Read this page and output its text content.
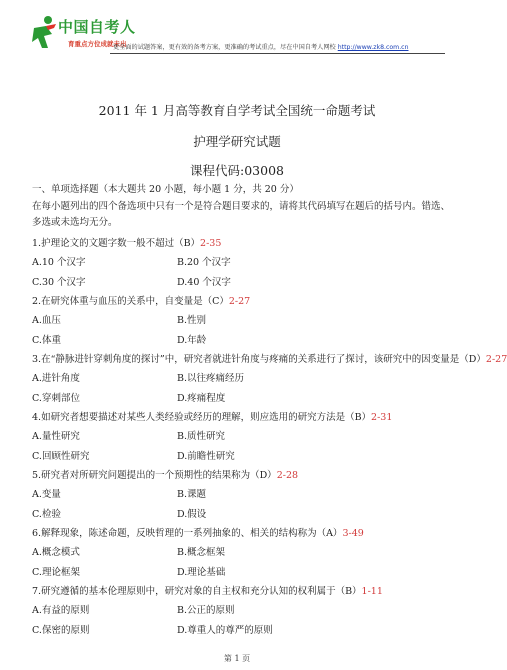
中国自考人
育重点方位成就未出
更全面的试题答案，更有效的备考方案，更准确的考试重点，尽在中国自考人网校 http://www.zk8.com.cn
2011 年 1 月高等教育自学考试全国统一命题考试
护理学研究试题
课程代码:03008
一、单项选择题（本大题共 20 小题，每小题 1 分，共 20 分）
在每小题列出的四个备选项中只有一个是符合题目要求的，请将其代码填写在题后的括号内。错选、多选或未选均无分。
1.护理论文的文题字数一般不超过（B） 2-35
A.10 个汉字	B.20 个汉字
C.30 个汉字	D.40 个汉字
2.在研究体重与血压的关系中，自变量是（C） 2-27
A.血压	B.性别
C.体重	D.年龄
3.在“静脉进针穿刺角度的探讨”中，研究者就进针角度与疼痛的关系进行了探讨，该研究中的因变量是（D） 2-27
A.进针角度	B.以往疼痛经历
C.穿刺部位	D.疼痛程度
4.如研究者想要描述对某些人类经验或经历的理解，则应选用的研究方法是（B） 2-31
A.量性研究	B.质性研究
C.回顾性研究	D.前瞻性研究
5.研究者对所研究问题提出的一个预期性的结果称为（D） 2-28
A.变量	B.课题
C.检验	D.假设
6.解释现象，陈述命题，反映哲理的一系列抽象的、相关的结构称为（A） 3-49
A.概念模式	B.概念框架
C.理论框架	D.理论基础
7.研究遵循的基本伦理原则中，研究对象的自主权和充分认知的权利属于（B） 1-11
A.有益的原则	B.公正的原则
C.保密的原则	D.尊重人的尊严的原则
第 1 页
